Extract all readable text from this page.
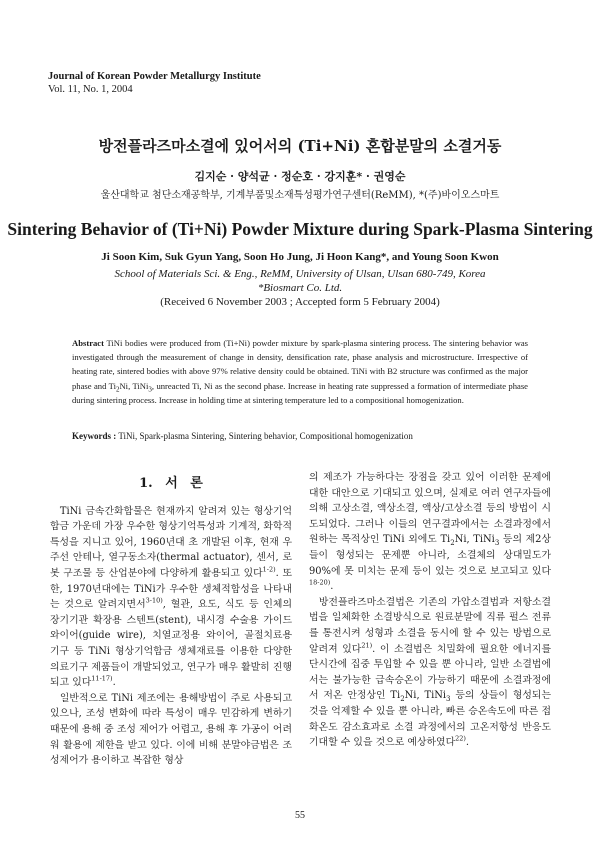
Journal of Korean Powder Metallurgy Institute
Vol. 11, No. 1, 2004
방전플라즈마소결에 있어서의 (Ti+Ni) 혼합분말의 소결거동
김지순 · 양석균 · 정순호 · 강지훈* · 권영순
울산대학교 첨단소재공학부, 기계부품및소재특성평가연구센터(ReMM), *(주)바이오스마트
Sintering Behavior of (Ti+Ni) Powder Mixture during Spark-Plasma Sintering
Ji Soon Kim, Suk Gyun Yang, Soon Ho Jung, Ji Hoon Kang*, and Young Soon Kwon
School of Materials Sci. & Eng., ReMM, University of Ulsan, Ulsan 680-749, Korea
*Biosmart Co. Ltd.
(Received 6 November 2003 ; Accepted form 5 February 2004)
Abstract TiNi bodies were produced from (Ti+Ni) powder mixture by spark-plasma sintering process. The sintering behavior was investigated through the measurement of change in density, densification rate, phase analysis and microstructure. Irrespective of heating rate, sintered bodies with above 97% relative density could be obtained. TiNi with B2 structure was confirmed as the major phase and $Ti_2Ni$, TiNi$_3$, unreacted Ti, Ni as the second phase. Increase in heating rate suppressed a formation of intermediate phase during sintering process. Increase in holding time at sintering temperature led to a compositional homogenization.
Keywords : TiNi, Spark-plasma Sintering, Sintering behavior, Compositional homogenization
1. 서 론

TiNi 금속간화합물은 현재까지 알려져 있는 형상기억합금 가운데 가장 우수한 형상기억특성과 기계적, 화학적 특성을 지니고 있어, 1960년대 초 개발된 이후, 현재 우주선 안테나, 열구동소자(thermal actuator), 센서, 로봇 구조물 등 산업분야에 다양하게 활용되고 있다$^{1-2)}$. 또한, 1970년대에는 TiNi가 우수한 생체적합성을 나타내는 것으로 알려지면서$^{3-10)}$, 혈관, 요도, 식도 등 인체의 장기기관 확장용 스텐트(stent), 내시경 수술용 가이드와이어(guide wire), 치열교정용 와이어, 골절치료용 기구 등 TiNi 형상기억합금 생체재료를 이용한 다양한 의료기구 제품들이 개발되었고, 연구가 매우 활발히 진행되고 있다$^{11-17)}$.

일반적으로 TiNi 제조에는 용해방법이 주로 사용되고 있으나, 조성 변화에 따라 특성이 매우 민감하게 변하기 때문에 용해 중 조성 제어가 어렵고, 용해 후 가공이 어려워 활용에 제한을 받고 있다. 이에 비해 분말야금법은 조성제어가 용이하고 복잡한 형상

의 제조가 가능하다는 장점을 갖고 있어 이러한 문제에 대한 대안으로 기대되고 있으며, 실제로 여러 연구자들에 의해 고상소결, 액상소결, 액상/고상소결 등의 방법이 시도되었다. 그러나 이들의 연구결과에서는 소결과정에서 원하는 목적상인 TiNi 외에도 $Ti_2Ni$, TiNi$_3$ 등의 제2상들이 형성되는 문제뿐 아니라, 소결체의 상대밀도가 90%에 못 미치는 문제 등이 있는 것으로 보고되고 있다$^{18-20)}$.

방전플라즈마소결법은 기존의 가압소결법과 저항소결법을 일체화한 소결방식으로 원료분말에 직류 펄스 전류를 통전시켜 성형과 소결을 동시에 할 수 있는 방법으로 알려져 있다$^{21)}$. 이 소결법은 치밀화에 필요한 에너지를 단시간에 집중 투입할 수 있을 뿐 아니라, 일반 소결법에서는 불가능한 급속승온이 가능하기 때문에 소결과정에서 저온 안정상인 $Ti_2Ni$, TiNi$_3$ 등의 상들이 형성되는 것을 억제할 수 있을 뿐 아니라, 빠른 승온속도에 따른 접화온도 감소효과로 소결 과정에서의 고온저항성 반응도 기대할 수 있을 것으로 예상하였다$^{22)}$.

55
